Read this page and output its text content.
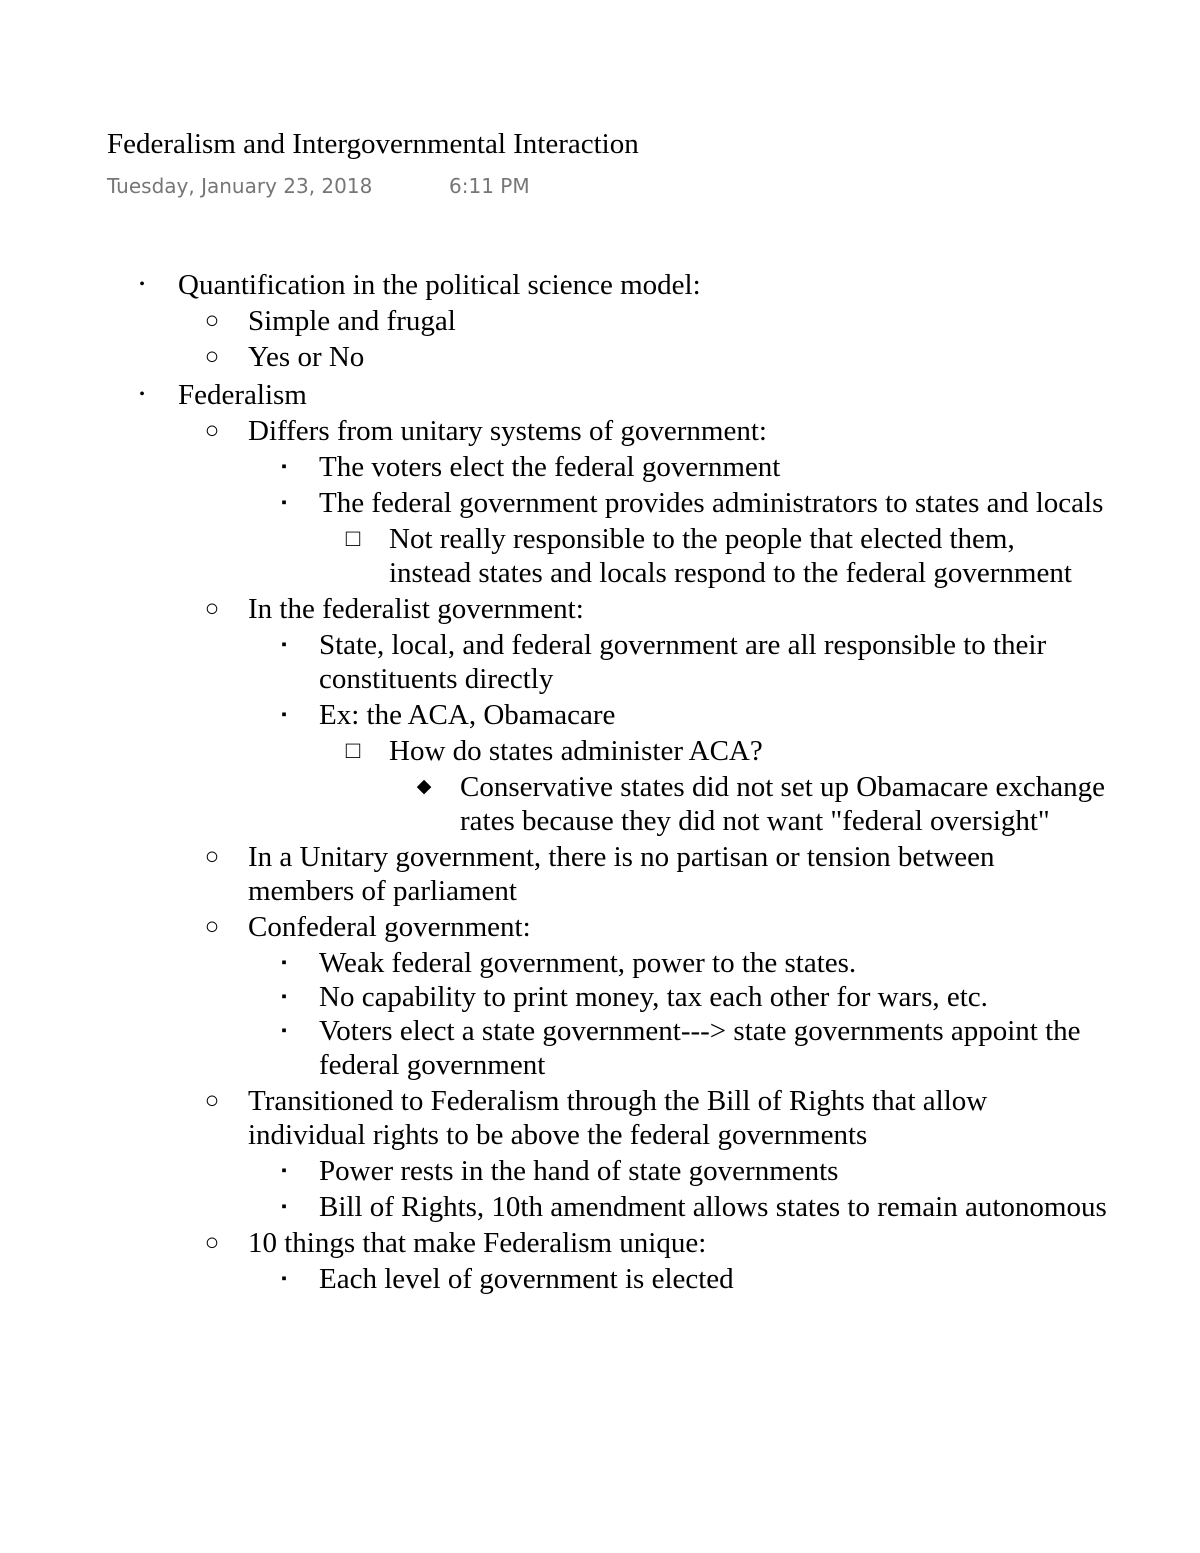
Federalism and Intergovernmental Interaction
Tuesday, January 23, 2018	6:11 PM
•	Quantification in the political science model:
○ Simple and frugal
○ Yes or No
•	Federalism
○ Differs from unitary systems of government:
▪	The voters elect the federal government
▪	The federal government provides administrators to states and locals
□ Not really responsible to the people that elected them, instead states and locals respond to the federal government
○ In the federalist government:
▪	State, local, and federal government are all responsible to their constituents directly
▪	Ex: the ACA, Obamacare
□ How do states administer ACA?
◆ Conservative states did not set up Obamacare exchange rates because they did not want "federal oversight"
○ In a Unitary government, there is no partisan or tension between members of parliament
○ Confederal government:
▪	Weak federal government, power to the states.
▪	No capability to print money, tax each other for wars, etc.
▪	Voters elect a state government---> state governments appoint the federal government
○ Transitioned to Federalism through the Bill of Rights that allow individual rights to be above the federal governments
▪	Power rests in the hand of state governments
▪	Bill of Rights, 10th amendment allows states to remain autonomous
○ 10 things that make Federalism unique:
▪	Each level of government is elected
